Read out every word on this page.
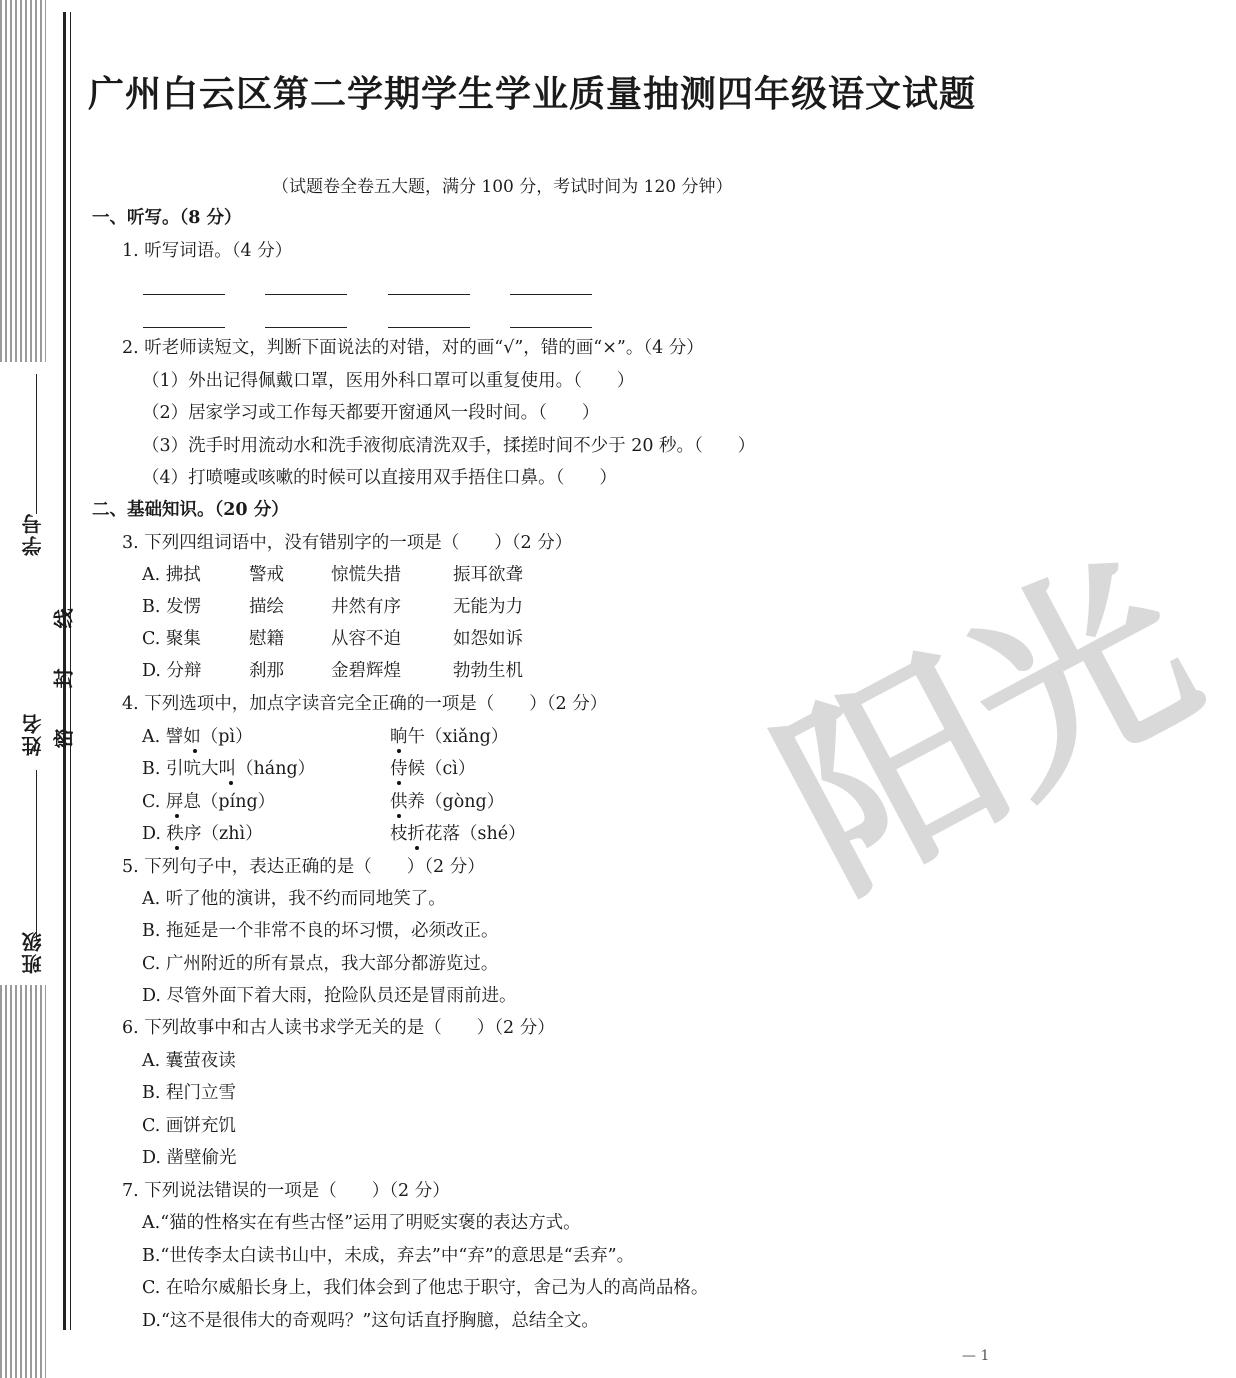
学号
姓名
班级
线
封
密	阳光
广州白云区第二学期学生学业质量抽测四年级语文试题
（试题卷全卷五大题，满分 100 分，考试时间为 120 分钟）
一、听写。（8 分）
1. 听写词语。（4 分）
2. 听老师读短文，判断下面说法的对错，对的画“√”，错的画“×”。（4 分）
（1）外出记得佩戴口罩，医用外科口罩可以重复使用。（　　）
（2）居家学习或工作每天都要开窗通风一段时间。（　　）
（3）洗手时用流动水和洗手液彻底清洗双手，揉搓时间不少于 20 秒。（　　）
（4）打喷嚏或咳嗽的时候可以直接用双手捂住口鼻。（　　）
二、基础知识。（20 分）
3. 下列四组词语中，没有错别字的一项是（　　）（2 分）
A. 拂拭	警戒	惊慌失措	振耳欲聋
B. 发愣	描绘	井然有序	无能为力
C. 聚集	慰籍	从容不迫	如怨如诉
D. 分辩	刹那	金碧辉煌	勃勃生机
4. 下列选项中，加点字读音完全正确的一项是（　　）（2 分）
A. 譬如（pì）	晌午（xiǎng）
B. 引吭大叫（háng）	侍候（cì）
C. 屏息（píng）	供养（gòng）
D. 秩序（zhì）	枝折花落（shé）
5. 下列句子中，表达正确的是（　　）（2 分）
A. 听了他的演讲，我不约而同地笑了。
B. 拖延是一个非常不良的坏习惯，必须改正。
C. 广州附近的所有景点，我大部分都游览过。
D. 尽管外面下着大雨，抢险队员还是冒雨前进。
6. 下列故事中和古人读书求学无关的是（　　）（2 分）
A. 囊萤夜读
B. 程门立雪
C. 画饼充饥
D. 凿壁偷光
7. 下列说法错误的一项是（　　）（2 分）
A.“猫的性格实在有些古怪”运用了明贬实褒的表达方式。
B.“世传李太白读书山中，未成，弃去”中“弃”的意思是“丢弃”。
C. 在哈尔威船长身上，我们体会到了他忠于职守，舍己为人的高尚品格。
D.“这不是很伟大的奇观吗？”这句话直抒胸臆，总结全文。
— 1
